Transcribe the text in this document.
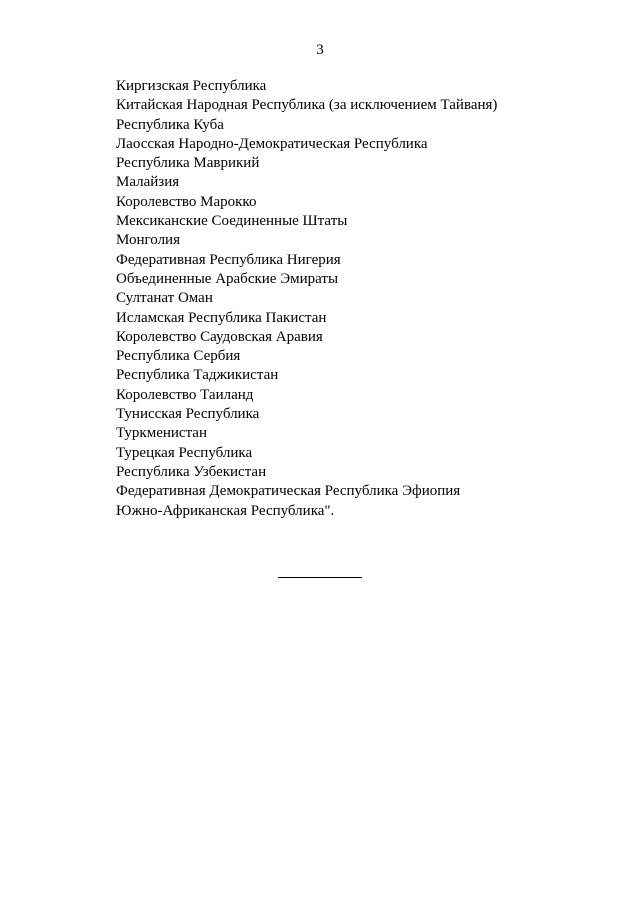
3
Киргизская Республика
Китайская Народная Республика (за исключением Тайваня)
Республика Куба
Лаосская Народно-Демократическая Республика
Республика Маврикий
Малайзия
Королевство Марокко
Мексиканские Соединенные Штаты
Монголия
Федеративная Республика Нигерия
Объединенные Арабские Эмираты
Султанат Оман
Исламская Республика Пакистан
Королевство Саудовская Аравия
Республика Сербия
Республика Таджикистан
Королевство Таиланд
Тунисская Республика
Туркменистан
Турецкая Республика
Республика Узбекистан
Федеративная Демократическая Республика Эфиопия
Южно-Африканская Республика".
